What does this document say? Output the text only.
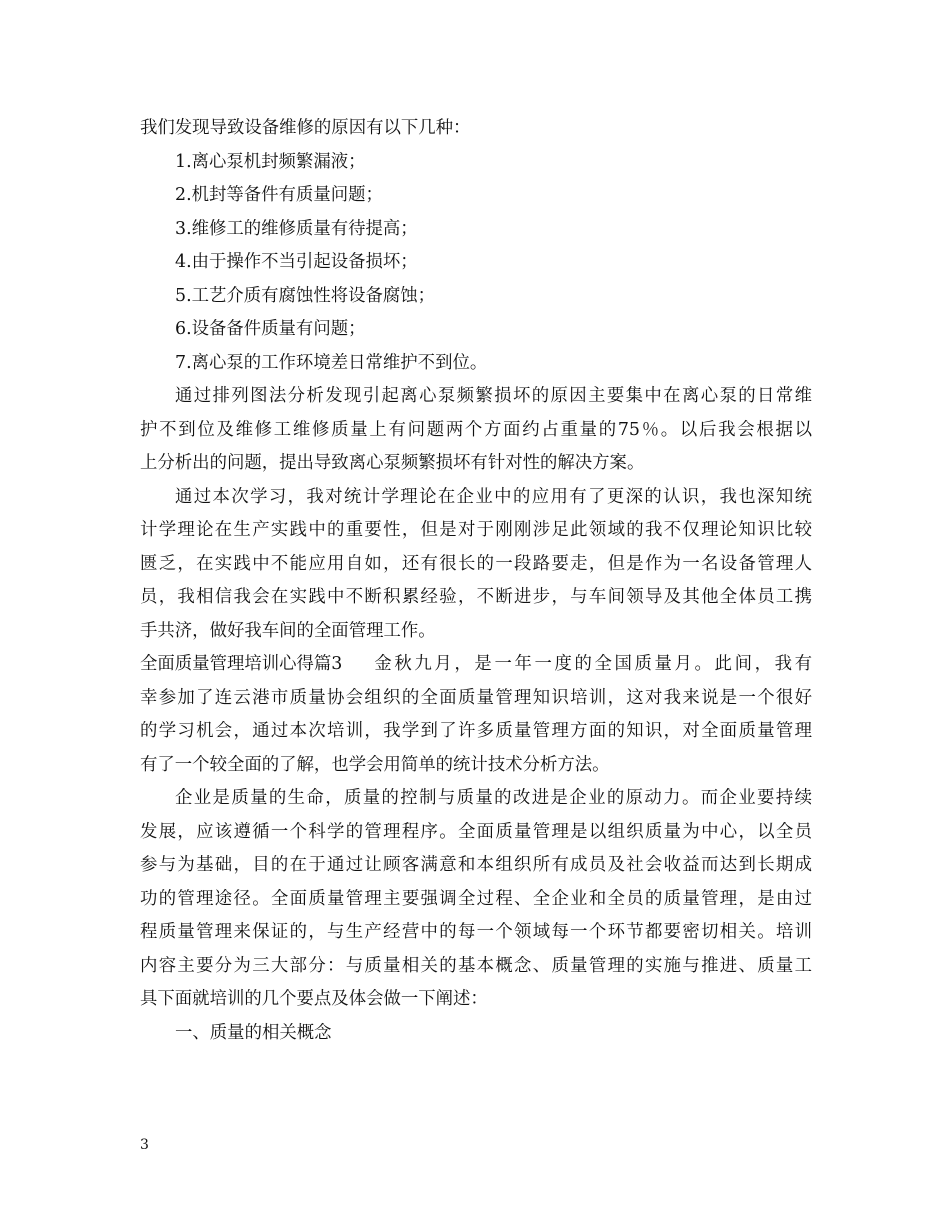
我们发现导致设备维修的原因有以下几种：
1.离心泵机封频繁漏液；
2.机封等备件有质量问题；
3.维修工的维修质量有待提高；
4.由于操作不当引起设备损坏；
5.工艺介质有腐蚀性将设备腐蚀；
6.设备备件质量有问题；
7.离心泵的工作环境差日常维护不到位。
通过排列图法分析发现引起离心泵频繁损坏的原因主要集中在离心泵的日常维
护不到位及维修工维修质量上有问题两个方面约占重量的75％。以后我会根据以
上分析出的问题，提出导致离心泵频繁损坏有针对性的解决方案。
通过本次学习，我对统计学理论在企业中的应用有了更深的认识，我也深知统
计学理论在生产实践中的重要性，但是对于刚刚涉足此领域的我不仅理论知识比较
匮乏，在实践中不能应用自如，还有很长的一段路要走，但是作为一名设备管理人
员，我相信我会在实践中不断积累经验，不断进步，与车间领导及其他全体员工携
手共济，做好我车间的全面管理工作。
全面质量管理培训心得篇3	金秋九月，是一年一度的全国质量月。此间，我有
幸参加了连云港市质量协会组织的全面质量管理知识培训，这对我来说是一个很好
的学习机会，通过本次培训，我学到了许多质量管理方面的知识，对全面质量管理
有了一个较全面的了解，也学会用简单的统计技术分析方法。
企业是质量的生命，质量的控制与质量的改进是企业的原动力。而企业要持续
发展，应该遵循一个科学的管理程序。全面质量管理是以组织质量为中心，以全员
参与为基础，目的在于通过让顾客满意和本组织所有成员及社会收益而达到长期成
功的管理途径。全面质量管理主要强调全过程、全企业和全员的质量管理，是由过
程质量管理来保证的，与生产经营中的每一个领域每一个环节都要密切相关。培训
内容主要分为三大部分：与质量相关的基本概念、质量管理的实施与推进、质量工
具下面就培训的几个要点及体会做一下阐述：
一、质量的相关概念
3
